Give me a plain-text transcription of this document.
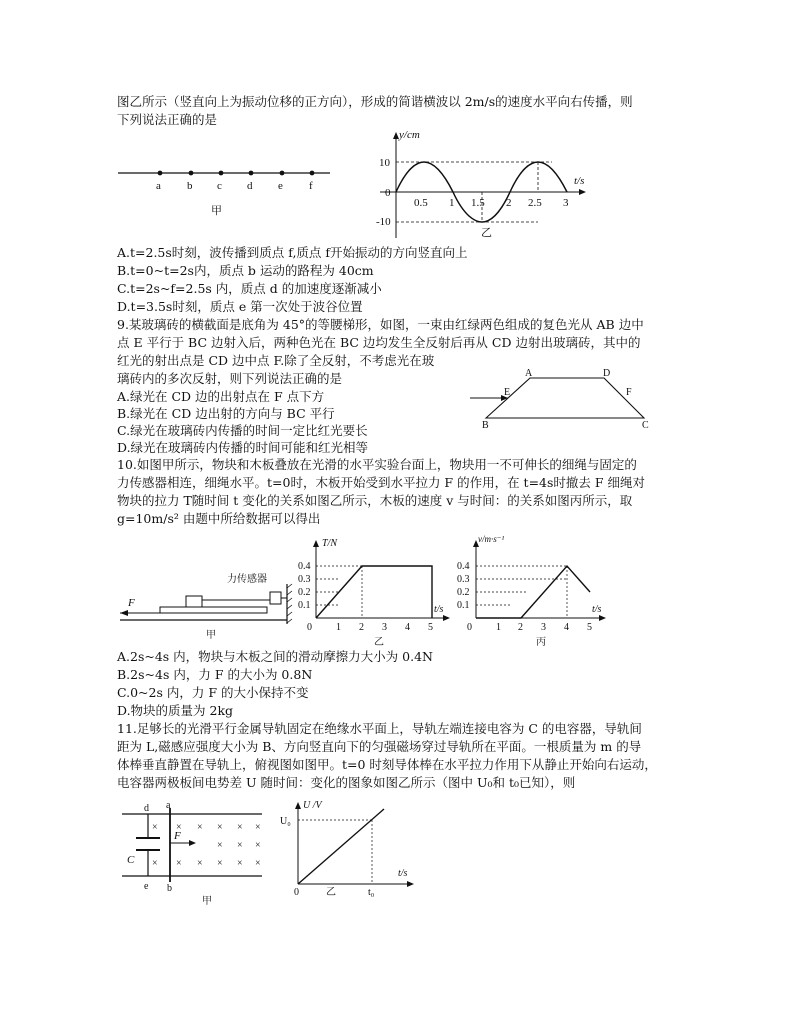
图乙所示（竖直向上为振动位移的正方向），形成的简谐横波以 2m/s的速度水平向右传播，则

下列说法正确的是

a b c d e f
甲
y/cm
t/s
10
0
-10
0.5 1 1.5 2 2.5 3
乙

A.t=2.5s时刻，波传播到质点 f,质点 f开始振动的方向竖直向上

B.t=0~t=2s内，质点 b 运动的路程为 40cm

C.t=2s~f=2.5s 内，质点 d 的加速度逐渐减小

D.t=3.5s时刻，质点 e 第一次处于波谷位置

9.某玻璃砖的横截面是底角为 45°的等腰梯形，如图，一束由红绿两色组成的复色光从 AB 边中

点 E 平行于 BC 边射入后，两种色光在 BC 边均发生全反射后再从 CD 边射出玻璃砖，其中的

红光的射出点是 CD 边中点 F.除了全反射，不考虑光在玻

璃砖内的多次反射，则下列说法正确的是

A.绿光在 CD 边的出射点在 F 点下方

B.绿光在 CD 边出射的方向与 BC 平行

C.绿光在玻璃砖内传播的时间一定比红光要长

D.绿光在玻璃砖内传播的时间可能和红光相等

A	D
B	C
E	F

10.如图甲所示，物块和木板叠放在光滑的水平实验台面上，物块用一不可伸长的细绳与固定的

力传感器相连，细绳水平。t=0时，木板开始受到水平拉力 F 的作用，在 t=4s时撤去 F 细绳对

物块的拉力 T随时间 t 变化的关系如图乙所示，木板的速度 v 与时间：的关系如图丙所示，取

g=10m/s² 由题中所给数据可以得出

力传感器
F
甲
T/N
t/s
0.4
0.3
0.2
0.1
0 1 2 3 4 5
乙
v/m·s⁻¹
t/s
0.4
0.3
0.2
0.1
0 1 2 3 4 5
丙

A.2s~4s 内，物块与木板之间的滑动摩擦力大小为 0.4N

B.2s~4s 内，力 F 的大小为 0.8N

C.0~2s 内，力 F 的大小保持不变

D.物块的质量为 2kg

11.足够长的光滑平行金属导轨固定在绝缘水平面上，导轨左端连接电容为 C 的电容器，导轨间

距为 L,磁感应强度大小为 B、方向竖直向下的匀强磁场穿过导轨所在平面。一根质量为 m 的导

体棒垂直静置在导轨上，俯视图如图甲。t=0 时刻导体棒在水平拉力作用下从静止开始向右运动，

电容器两极板间电势差 U 随时间：变化的图象如图乙所示（图中 U₀和 t₀已知），则

F
d a
e b
C
× × × × × ×
× × ×
× × × × × ×
甲
U /V
t/s
U₀
t₀
0	乙
